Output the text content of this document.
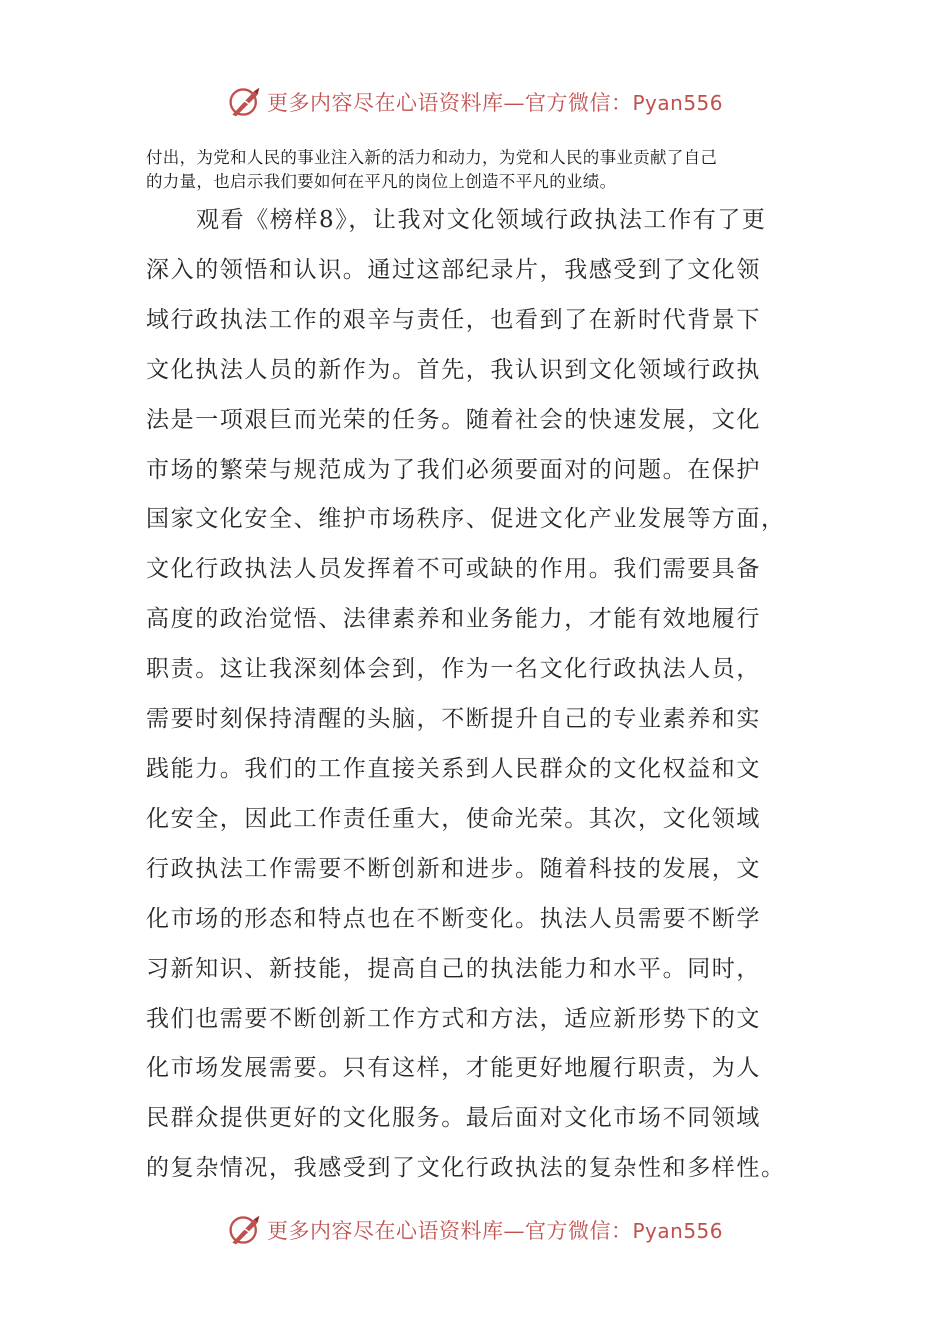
更多内容尽在心语资料库—官方微信：Pyan556

付出，为党和人民的事业注入新的活力和动力，为党和人民的事业贡献了自己
的力量，也启示我们要如何在平凡的岗位上创造不平凡的业绩。

观看《榜样8》，让我对文化领域行政执法工作有了更
深入的领悟和认识。通过这部纪录片，我感受到了文化领
域行政执法工作的艰辛与责任，也看到了在新时代背景下
文化执法人员的新作为。首先，我认识到文化领域行政执
法是一项艰巨而光荣的任务。随着社会的快速发展，文化
市场的繁荣与规范成为了我们必须要面对的问题。在保护
国家文化安全、维护市场秩序、促进文化产业发展等方面，
文化行政执法人员发挥着不可或缺的作用。我们需要具备
高度的政治觉悟、法律素养和业务能力，才能有效地履行
职责。这让我深刻体会到，作为一名文化行政执法人员，
需要时刻保持清醒的头脑，不断提升自己的专业素养和实
践能力。我们的工作直接关系到人民群众的文化权益和文
化安全，因此工作责任重大，使命光荣。其次，文化领域
行政执法工作需要不断创新和进步。随着科技的发展，文
化市场的形态和特点也在不断变化。执法人员需要不断学
习新知识、新技能，提高自己的执法能力和水平。同时，
我们也需要不断创新工作方式和方法，适应新形势下的文
化市场发展需要。只有这样，才能更好地履行职责，为人
民群众提供更好的文化服务。最后面对文化市场不同领域
的复杂情况，我感受到了文化行政执法的复杂性和多样性。

更多内容尽在心语资料库—官方微信：Pyan556
